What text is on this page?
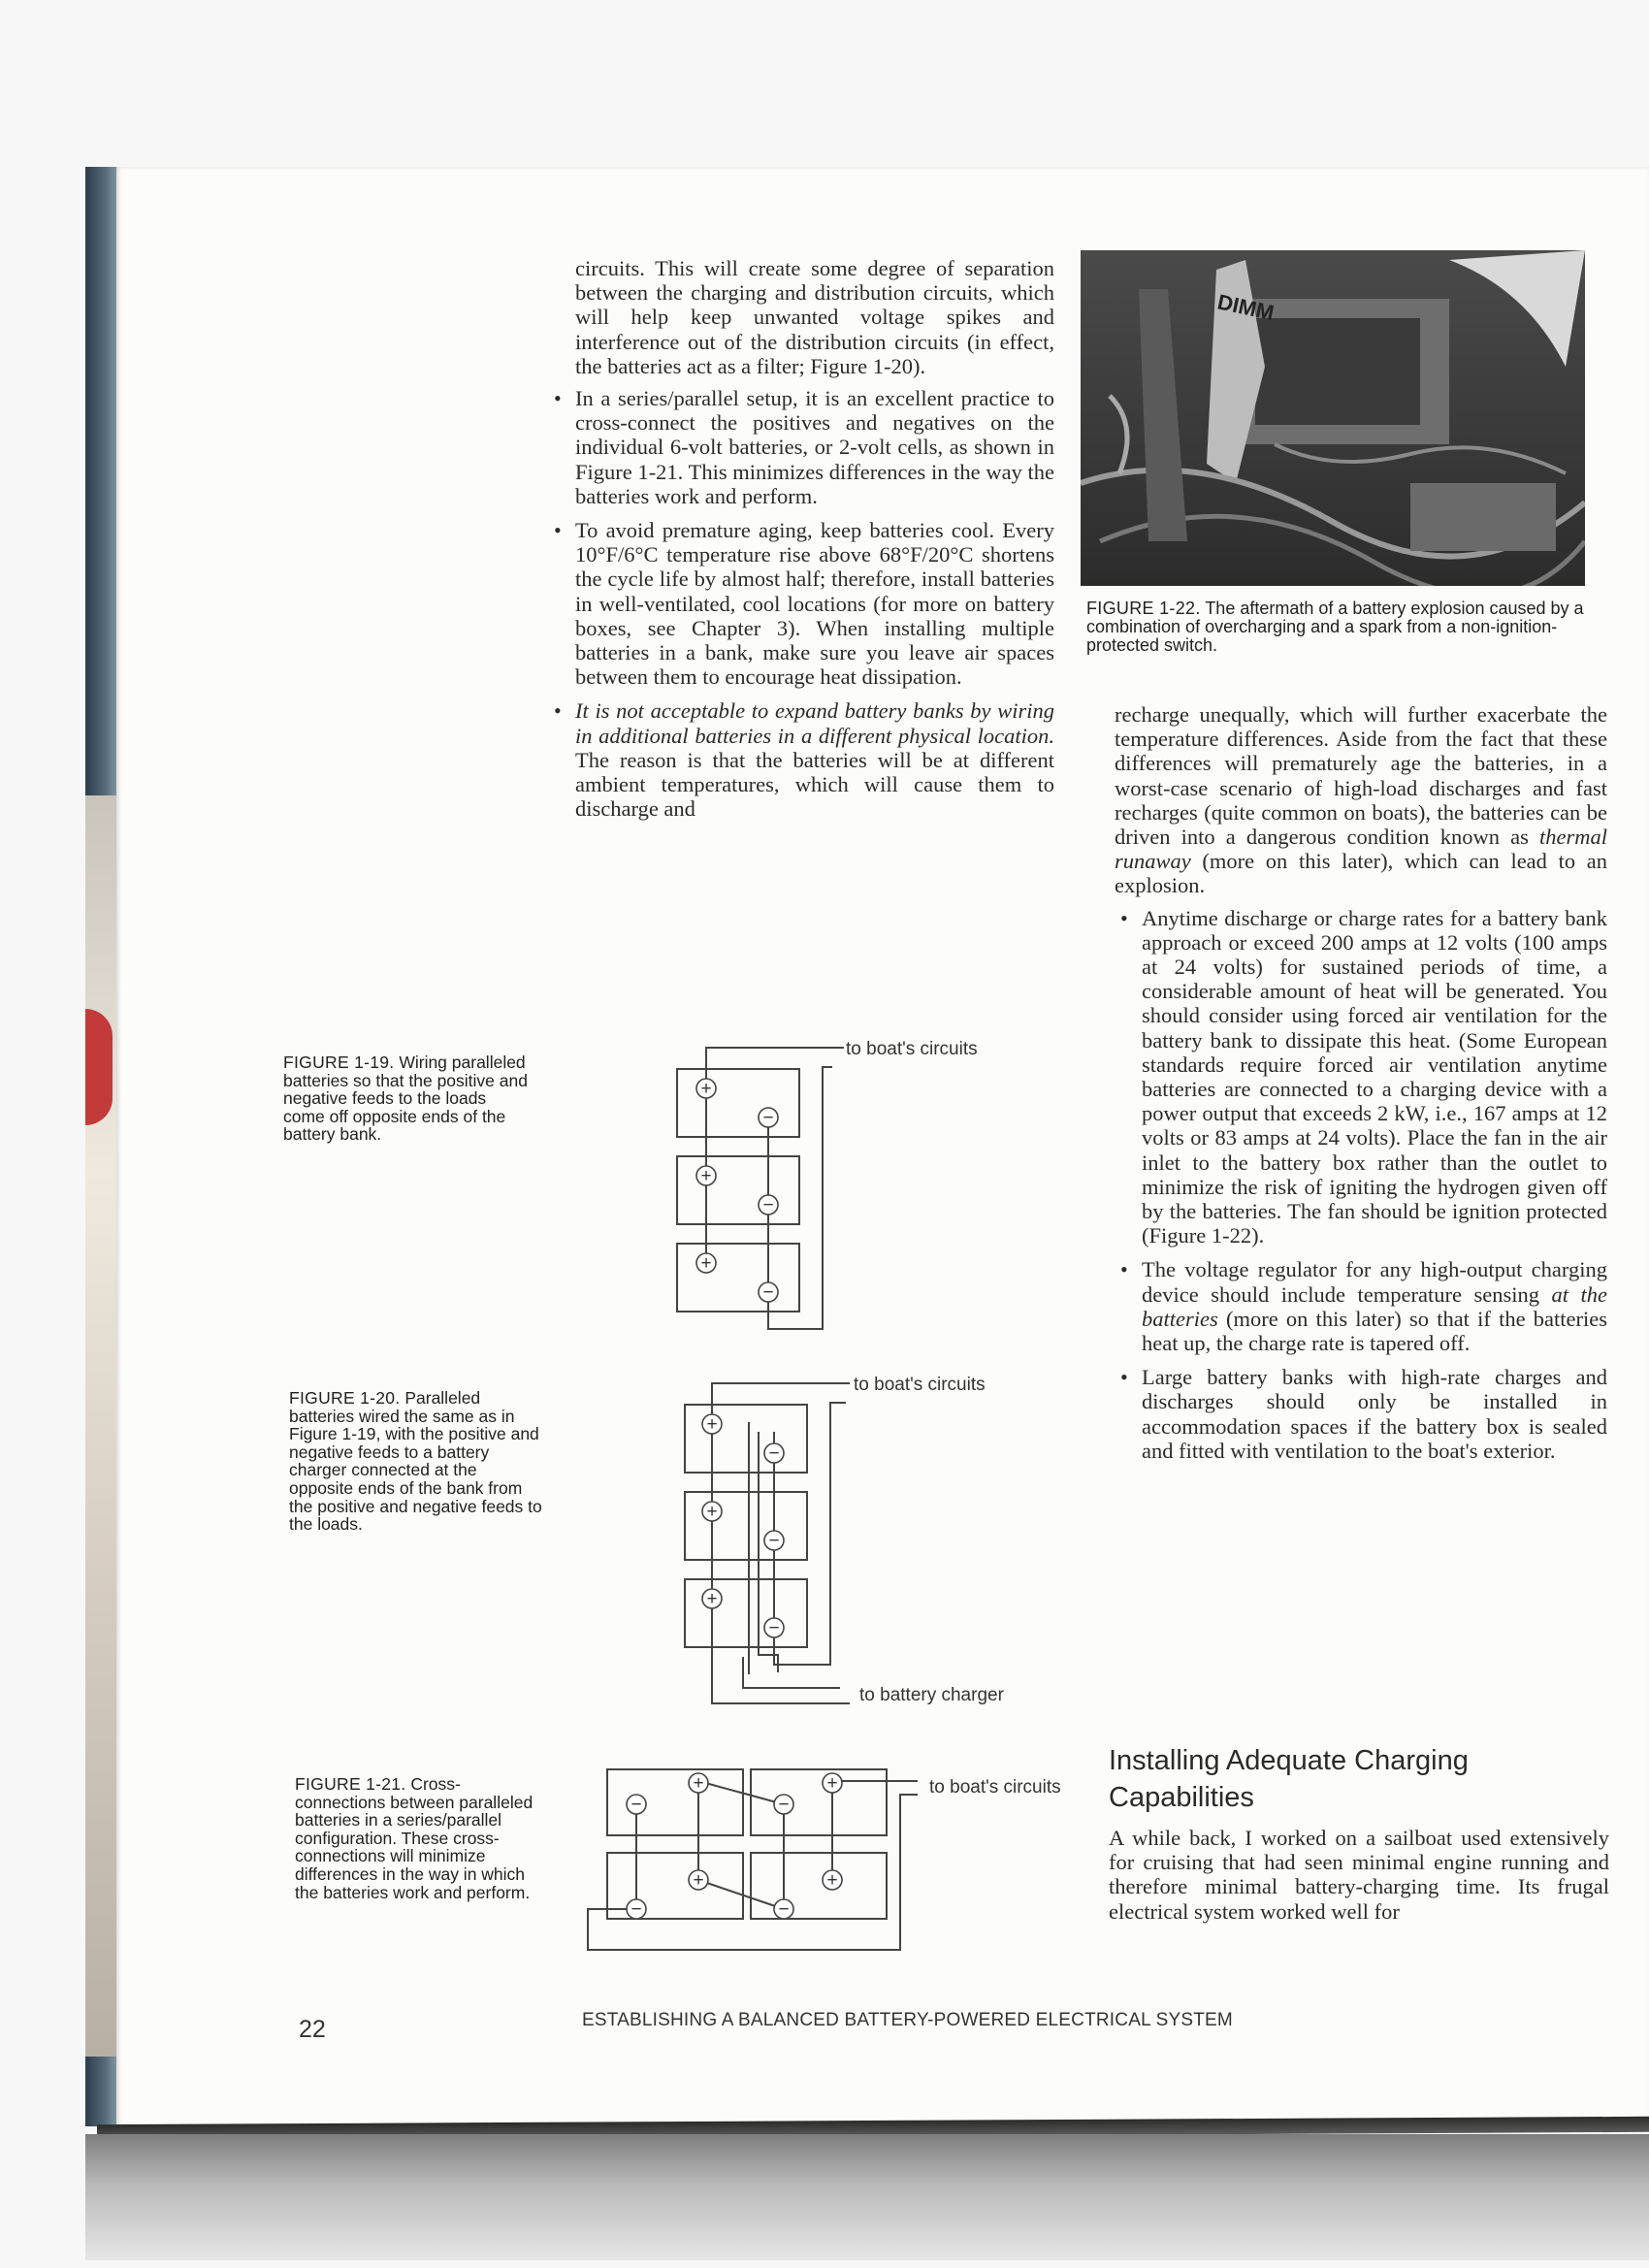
circuits. This will create some degree of separation between the charging and distribution circuits, which will help keep unwanted voltage spikes and interference out of the distribution circuits (in effect, the batteries act as a filter; Figure 1-20).

• In a series/parallel setup, it is an excellent practice to cross-connect the positives and negatives on the individual 6-volt batteries, or 2-volt cells, as shown in Figure 1-21. This minimizes differences in the way the batteries work and perform.
• To avoid premature aging, keep batteries cool. Every 10°F/6°C temperature rise above 68°F/20°C shortens the cycle life by almost half; therefore, install batteries in well-ventilated, cool locations (for more on battery boxes, see Chapter 3). When installing multiple batteries in a bank, make sure you leave air spaces between them to encourage heat dissipation.
• It is not acceptable to expand battery banks by wiring in additional batteries in a different physical location. The reason is that the batteries will be at different ambient temperatures, which will cause them to discharge and

recharge unequally, which will further exacerbate the temperature differences. Aside from the fact that these differences will prematurely age the batteries, in a worst-case scenario of high-load discharges and fast recharges (quite common on boats), the batteries can be driven into a dangerous condition known as thermal runaway (more on this later), which can lead to an explosion.

• Anytime discharge or charge rates for a battery bank approach or exceed 200 amps at 12 volts (100 amps at 24 volts) for sustained periods of time, a considerable amount of heat will be generated. You should consider using forced air ventilation for the battery bank to dissipate this heat. (Some European standards require forced air ventilation anytime batteries are connected to a charging device with a power output that exceeds 2 kW, i.e., 167 amps at 12 volts or 83 amps at 24 volts). Place the fan in the air inlet to the battery box rather than the outlet to minimize the risk of igniting the hydrogen given off by the batteries. The fan should be ignition protected (Figure 1-22).
• The voltage regulator for any high-output charging device should include temperature sensing at the batteries (more on this later) so that if the batteries heat up, the charge rate is tapered off.
• Large battery banks with high-rate charges and discharges should only be installed in accommodation spaces if the battery box is sealed and fitted with ventilation to the boat's exterior.
Installing Adequate Charging Capabilities

A while back, I worked on a sailboat used extensively for cruising that had seen minimal engine running and therefore minimal battery-charging time. Its frugal electrical system worked well for

DIMM
FIGURE 1-22. The aftermath of a battery explosion caused by a combination of overcharging and a spark from a non-ignition-protected switch.
FIGURE 1-19. Wiring paralleled batteries so that the positive and negative feeds to the loads come off opposite ends of the battery bank.
FIGURE 1-20. Paralleled batteries wired the same as in Figure 1-19, with the positive and negative feeds to a battery charger connected at the opposite ends of the bank from the positive and negative feeds to the loads.
FIGURE 1-21. Cross-connections between paralleled batteries in a series/parallel configuration. These cross-connections will minimize differences in the way in which the batteries work and perform.
+
−
+
−
+
−
to boat's circuits
+
−
+
−
+
−
to boat's circuits
to battery charger
+
−
+
−
+
−
+
−
to boat's circuits
22	ESTABLISHING A BALANCED BATTERY-POWERED ELECTRICAL SYSTEM
